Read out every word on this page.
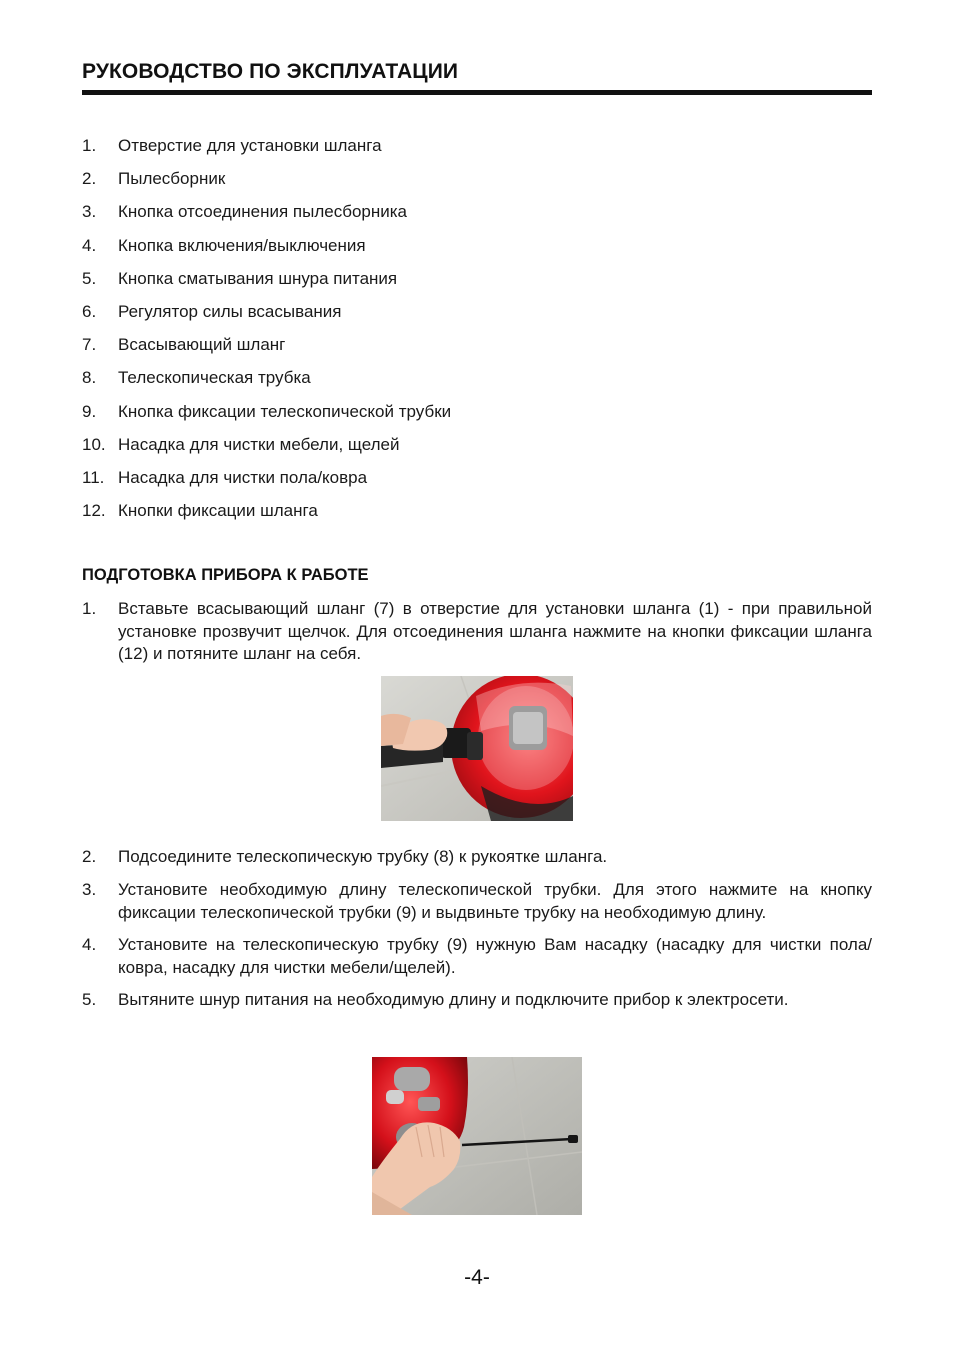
РУКОВОДСТВО ПО ЭКСПЛУАТАЦИИ
1.	Отверстие для установки шланга
2.	Пылесборник
3.	Кнопка отсоединения пылесборника
4.	Кнопка включения/выключения
5.	Кнопка сматывания шнура питания
6.	Регулятор силы всасывания
7.	Всасывающий шланг
8.	Телескопическая трубка
9.	Кнопка фиксации телескопической трубки
10. Насадка для чистки мебели, щелей
11. Насадка для чистки пола/ковра
12. Кнопки фиксации шланга
ПОДГОТОВКА ПРИБОРА К РАБОТЕ
1.	Вставьте всасывающий шланг (7) в отверстие для установки шланга (1) - при правильной установке прозвучит щелчок. Для отсоединения шланга нажмите на кнопки фиксации шланга (12) и потяните шланг на себя.
2.	Подсоедините телескопическую трубку (8) к рукоятке шланга.
3.	Установите необходимую длину телескопической трубки. Для этого нажмите на кнопку фиксации телескопической трубки (9) и выдвиньте трубку на необходимую длину.
4.	Установите на телескопическую трубку (9) нужную Вам насадку (насадку для чистки пола/ковра, насадку для чистки мебели/щелей).
5.	Вытяните шнур питания на необходимую длину и подключите прибор к электросети.
-4-
